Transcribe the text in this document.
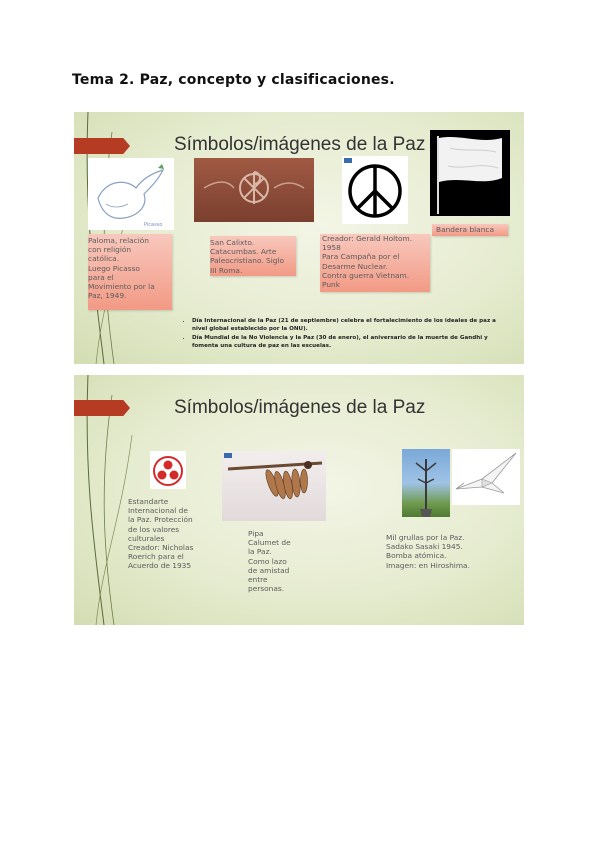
Tema 2. Paz, concepto y clasificaciones.
Símbolos/imágenes de la Paz
Picasso
Paloma, relación
con religión
católica.
Luego Picasso
para el
Movimiento por la
Paz, 1949.
San Calixto.
Catacumbas. Arte
Paleocristiano. Siglo
III Roma.
Creador: Gerald Holtom.
1958
Para Campaña por el
Desarme Nuclear.
Contra guerra Vietnam.
Punk
Bandera blanca
• Día Internacional de la Paz (21 de septiembre) celebra el fortalecimiento de los ideales de paz a nivel global establecido por la ONU).
• Día Mundial de la No Violencia y la Paz (30 de enero), el aniversario de la muerte de Gandhi y fomenta una cultura de paz en las escuelas.
Símbolos/imágenes de la Paz
Estandarte
Internacional de
la Paz. Protección
de los valores
culturales
Creador: Nicholas
Roerich para el
Acuerdo de 1935
Pipa
Calumet de
la Paz.
Como lazo
de amistad
entre
personas.
Mil grullas por la Paz.
Sadako Sasaki 1945.
Bomba atómica.
Imagen: en Hiroshima.
